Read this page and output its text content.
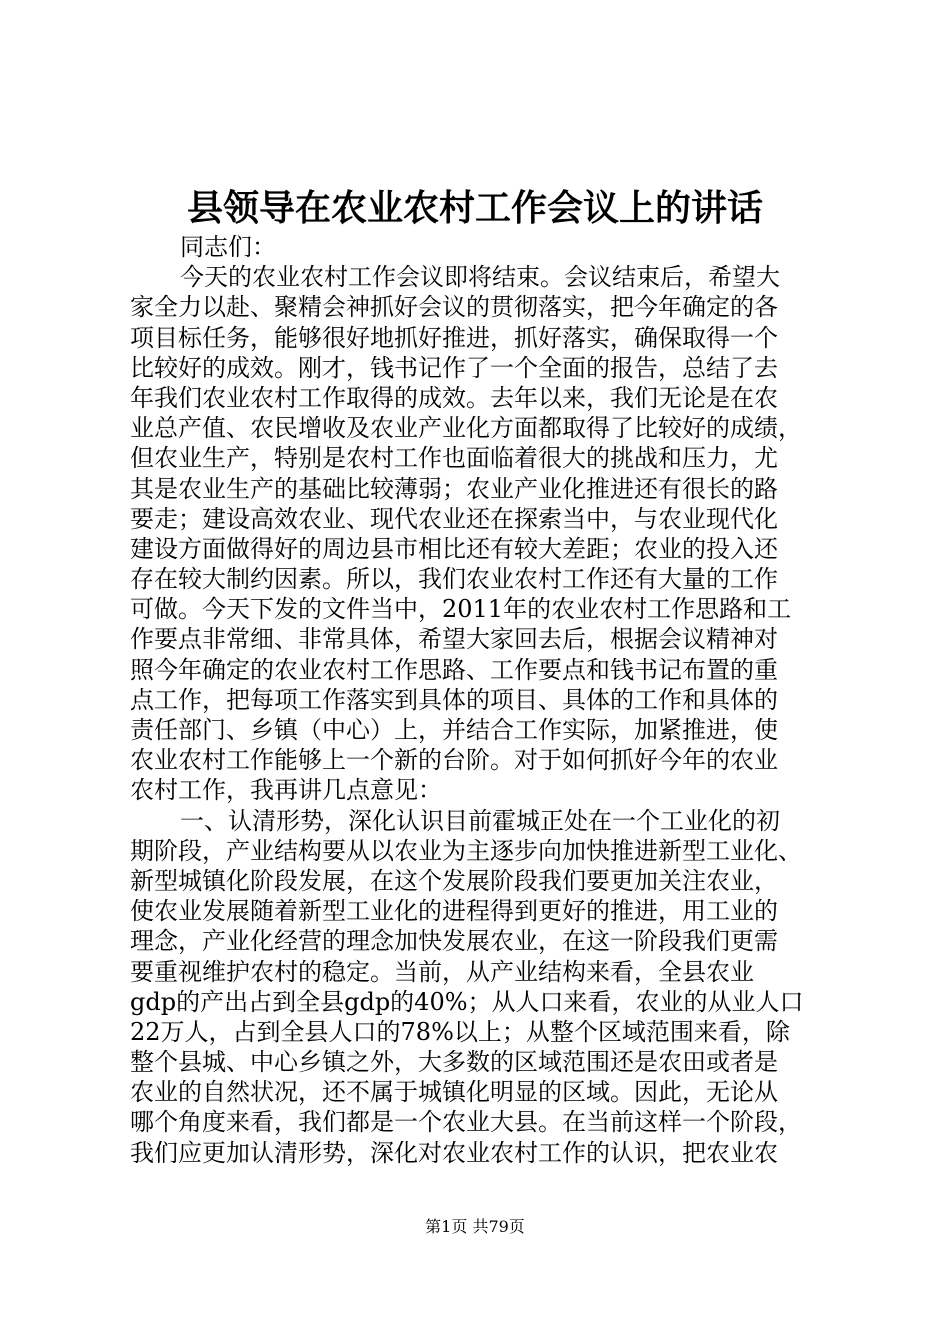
县领导在农业农村工作会议上的讲话
同志们：
今天的农业农村工作会议即将结束。会议结束后，希望大
家全力以赴、聚精会神抓好会议的贯彻落实，把今年确定的各
项目标任务，能够很好地抓好推进，抓好落实，确保取得一个
比较好的成效。刚才，钱书记作了一个全面的报告，总结了去
年我们农业农村工作取得的成效。去年以来，我们无论是在农
业总产值、农民增收及农业产业化方面都取得了比较好的成绩，
但农业生产，特别是农村工作也面临着很大的挑战和压力，尤
其是农业生产的基础比较薄弱；农业产业化推进还有很长的路
要走；建设高效农业、现代农业还在探索当中，与农业现代化
建设方面做得好的周边县市相比还有较大差距；农业的投入还
存在较大制约因素。所以，我们农业农村工作还有大量的工作
可做。今天下发的文件当中，2011年的农业农村工作思路和工
作要点非常细、非常具体，希望大家回去后，根据会议精神对
照今年确定的农业农村工作思路、工作要点和钱书记布置的重
点工作，把每项工作落实到具体的项目、具体的工作和具体的
责任部门、乡镇（中心）上，并结合工作实际，加紧推进，使
农业农村工作能够上一个新的台阶。对于如何抓好今年的农业
农村工作，我再讲几点意见：
一、认清形势，深化认识目前霍城正处在一个工业化的初
期阶段，产业结构要从以农业为主逐步向加快推进新型工业化、
新型城镇化阶段发展，在这个发展阶段我们要更加关注农业，
使农业发展随着新型工业化的进程得到更好的推进，用工业的
理念，产业化经营的理念加快发展农业，在这一阶段我们更需
要重视维护农村的稳定。当前，从产业结构来看，全县农业
gdp的产出占到全县gdp的40%；从人口来看，农业的从业人口
22万人，占到全县人口的78%以上；从整个区域范围来看，除
整个县城、中心乡镇之外，大多数的区域范围还是农田或者是
农业的自然状况，还不属于城镇化明显的区域。因此，无论从
哪个角度来看，我们都是一个农业大县。在当前这样一个阶段，
我们应更加认清形势，深化对农业农村工作的认识，把农业农
第1页 共79页
